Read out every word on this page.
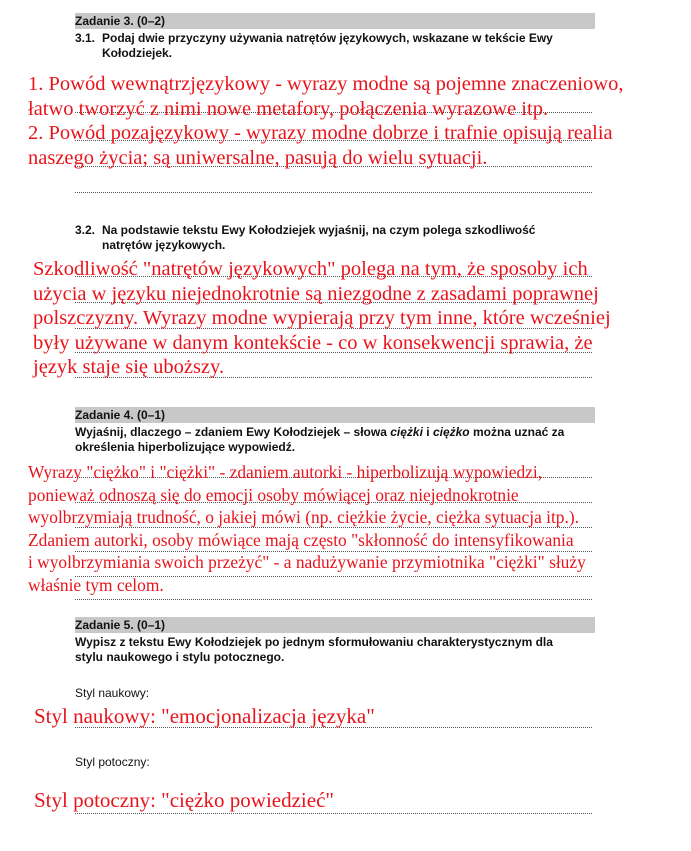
Zadanie 3. (0–2)
3.1. Podaj dwie przyczyny używania natrętów językowych, wskazane w tekście Ewy
Kołodziejek.
1. Powód wewnątrzjęzykowy - wyrazy modne są pojemne znaczeniowo,
łatwo tworzyć z nimi nowe metafory, połączenia wyrazowe itp.
2. Powód pozajęzykowy - wyrazy modne dobrze i trafnie opisują realia
naszego życia; są uniwersalne, pasują do wielu sytuacji.
3.2. Na podstawie tekstu Ewy Kołodziejek wyjaśnij, na czym polega szkodliwość
natrętów językowych.
Szkodliwość "natrętów językowych" polega na tym, że sposoby ich
użycia w języku niejednokrotnie są niezgodne z zasadami poprawnej
polszczyzny. Wyrazy modne wypierają przy tym inne, które wcześniej
były używane w danym kontekście - co w konsekwencji sprawia, że
język staje się uboższy.
Zadanie 4. (0–1)
Wyjaśnij, dlaczego – zdaniem Ewy Kołodziejek – słowa ciężki i ciężko można uznać za
określenia hiperbolizujące wypowiedź.
Wyrazy "ciężko" i "ciężki" - zdaniem autorki - hiperbolizują wypowiedzi,
ponieważ odnoszą się do emocji osoby mówiącej oraz niejednokrotnie
wyolbrzymiają trudność, o jakiej mówi (np. ciężkie życie, ciężka sytuacja itp.).
Zdaniem autorki, osoby mówiące mają często "skłonność do intensyfikowania
i wyolbrzymiania swoich przeżyć" - a nadużywanie przymiotnika "ciężki" służy
właśnie tym celom.
Zadanie 5. (0–1)
Wypisz z tekstu Ewy Kołodziejek po jednym sformułowaniu charakterystycznym dla
stylu naukowego i stylu potocznego.
Styl naukowy:
Styl naukowy: "emocjonalizacja języka"
Styl potoczny:
Styl potoczny: "ciężko powiedzieć"
